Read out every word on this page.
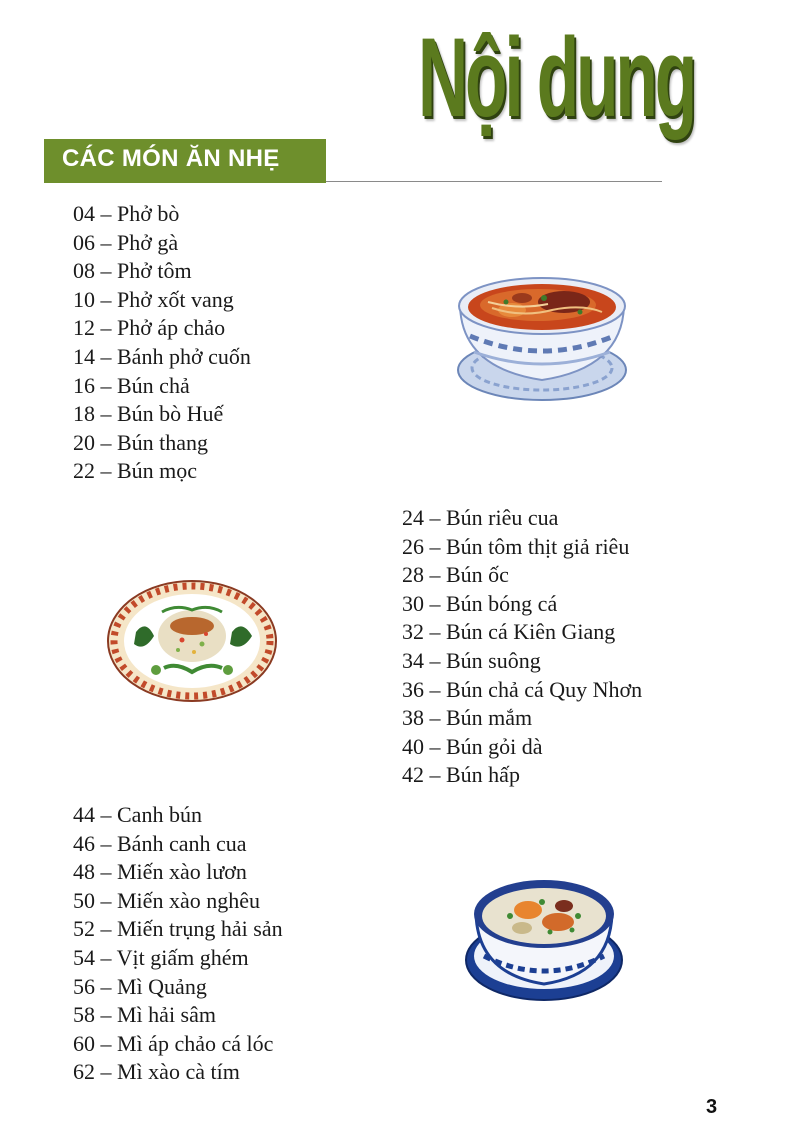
Nội dung
CÁC MÓN ĂN NHẸ
04 – Phở bò
06 – Phở gà
08 – Phở tôm
10 – Phở xốt vang
12 – Phở áp chảo
14 – Bánh phở cuốn
16 – Bún chả
18 – Bún bò Huế
20 – Bún thang
22 – Bún mọc
24 – Bún riêu cua
26 – Bún tôm thịt giả riêu
28 – Bún ốc
30 – Bún bóng cá
32 – Bún cá Kiên Giang
34 – Bún suông
36 – Bún chả cá Quy Nhơn
38 – Bún mắm
40 – Bún gỏi dà
42 – Bún hấp
44 – Canh bún
46 – Bánh canh cua
48 – Miến xào lươn
50 – Miến xào nghêu
52 – Miến trụng hải sản
54 – Vịt giấm ghém
56 – Mì Quảng
58 – Mì hải sâm
60 – Mì áp chảo cá lóc
62 – Mì xào cà tím
3
